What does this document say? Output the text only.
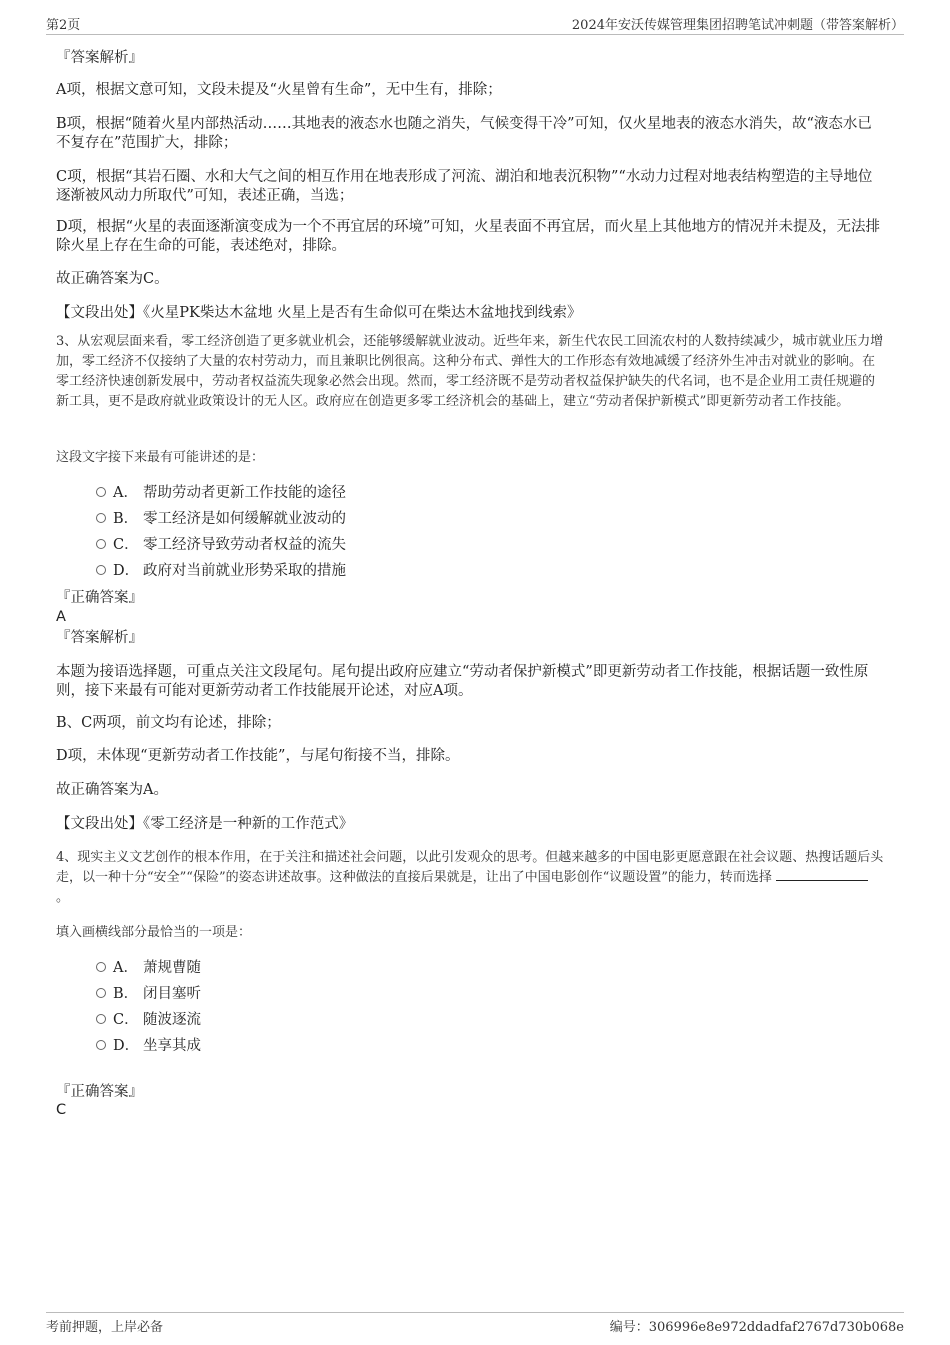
第2页	2024年安沃传媒管理集团招聘笔试冲刺题（带答案解析）
『答案解析』
A项，根据文意可知，文段未提及“火星曾有生命”，无中生有，排除；
B项，根据“随着火星内部热活动……其地表的液态水也随之消失，气候变得干冷”可知，仅火星地表的液态水消失，故“液态水已不复存在”范围扩大，排除；
C项，根据“其岩石圈、水和大气之间的相互作用在地表形成了河流、湖泊和地表沉积物”“水动力过程对地表结构塑造的主导地位逐渐被风动力所取代”可知，表述正确，当选；
D项，根据“火星的表面逐渐演变成为一个不再宜居的环境”可知，火星表面不再宜居，而火星上其他地方的情况并未提及，无法排除火星上存在生命的可能，表述绝对，排除。
故正确答案为C。
【文段出处】《火星PK柴达木盆地 火星上是否有生命似可在柴达木盆地找到线索》
3、从宏观层面来看，零工经济创造了更多就业机会，还能够缓解就业波动。近些年来，新生代农民工回流农村的人数持续减少，城市就业压力增加，零工经济不仅接纳了大量的农村劳动力，而且兼职比例很高。这种分布式、弹性大的工作形态有效地减缓了经济外生冲击对就业的影响。在零工经济快速创新发展中，劳动者权益流失现象必然会出现。然而，零工经济既不是劳动者权益保护缺失的代名词，也不是企业用工责任规避的新工具，更不是政府就业政策设计的无人区。政府应在创造更多零工经济机会的基础上，建立“劳动者保护新模式”即更新劳动者工作技能。
这段文字接下来最有可能讲述的是：
A． 帮助劳动者更新工作技能的途径
B． 零工经济是如何缓解就业波动的
C． 零工经济导致劳动者权益的流失
D． 政府对当前就业形势采取的措施
『正确答案』
A
『答案解析』
本题为接语选择题，可重点关注文段尾句。尾句提出政府应建立“劳动者保护新模式”即更新劳动者工作技能，根据话题一致性原则，接下来最有可能对更新劳动者工作技能展开论述，对应A项。
B、C两项，前文均有论述，排除；
D项，未体现“更新劳动者工作技能”，与尾句衔接不当，排除。
故正确答案为A。
【文段出处】《零工经济是一种新的工作范式》
4、现实主义文艺创作的根本作用，在于关注和描述社会问题，以此引发观众的思考。但越来越多的中国电影更愿意跟在社会议题、热搜话题后头走，以一种十分“安全”“保险”的姿态讲述故事。这种做法的直接后果就是，让出了中国电影创作“议题设置”的能力，转而选择
。
填入画横线部分最恰当的一项是：
A． 萧规曹随
B． 闭目塞听
C． 随波逐流
D． 坐享其成
『正确答案』
C
考前押题，上岸必备	编号：306996e8e972ddadfaf2767d730b068e
